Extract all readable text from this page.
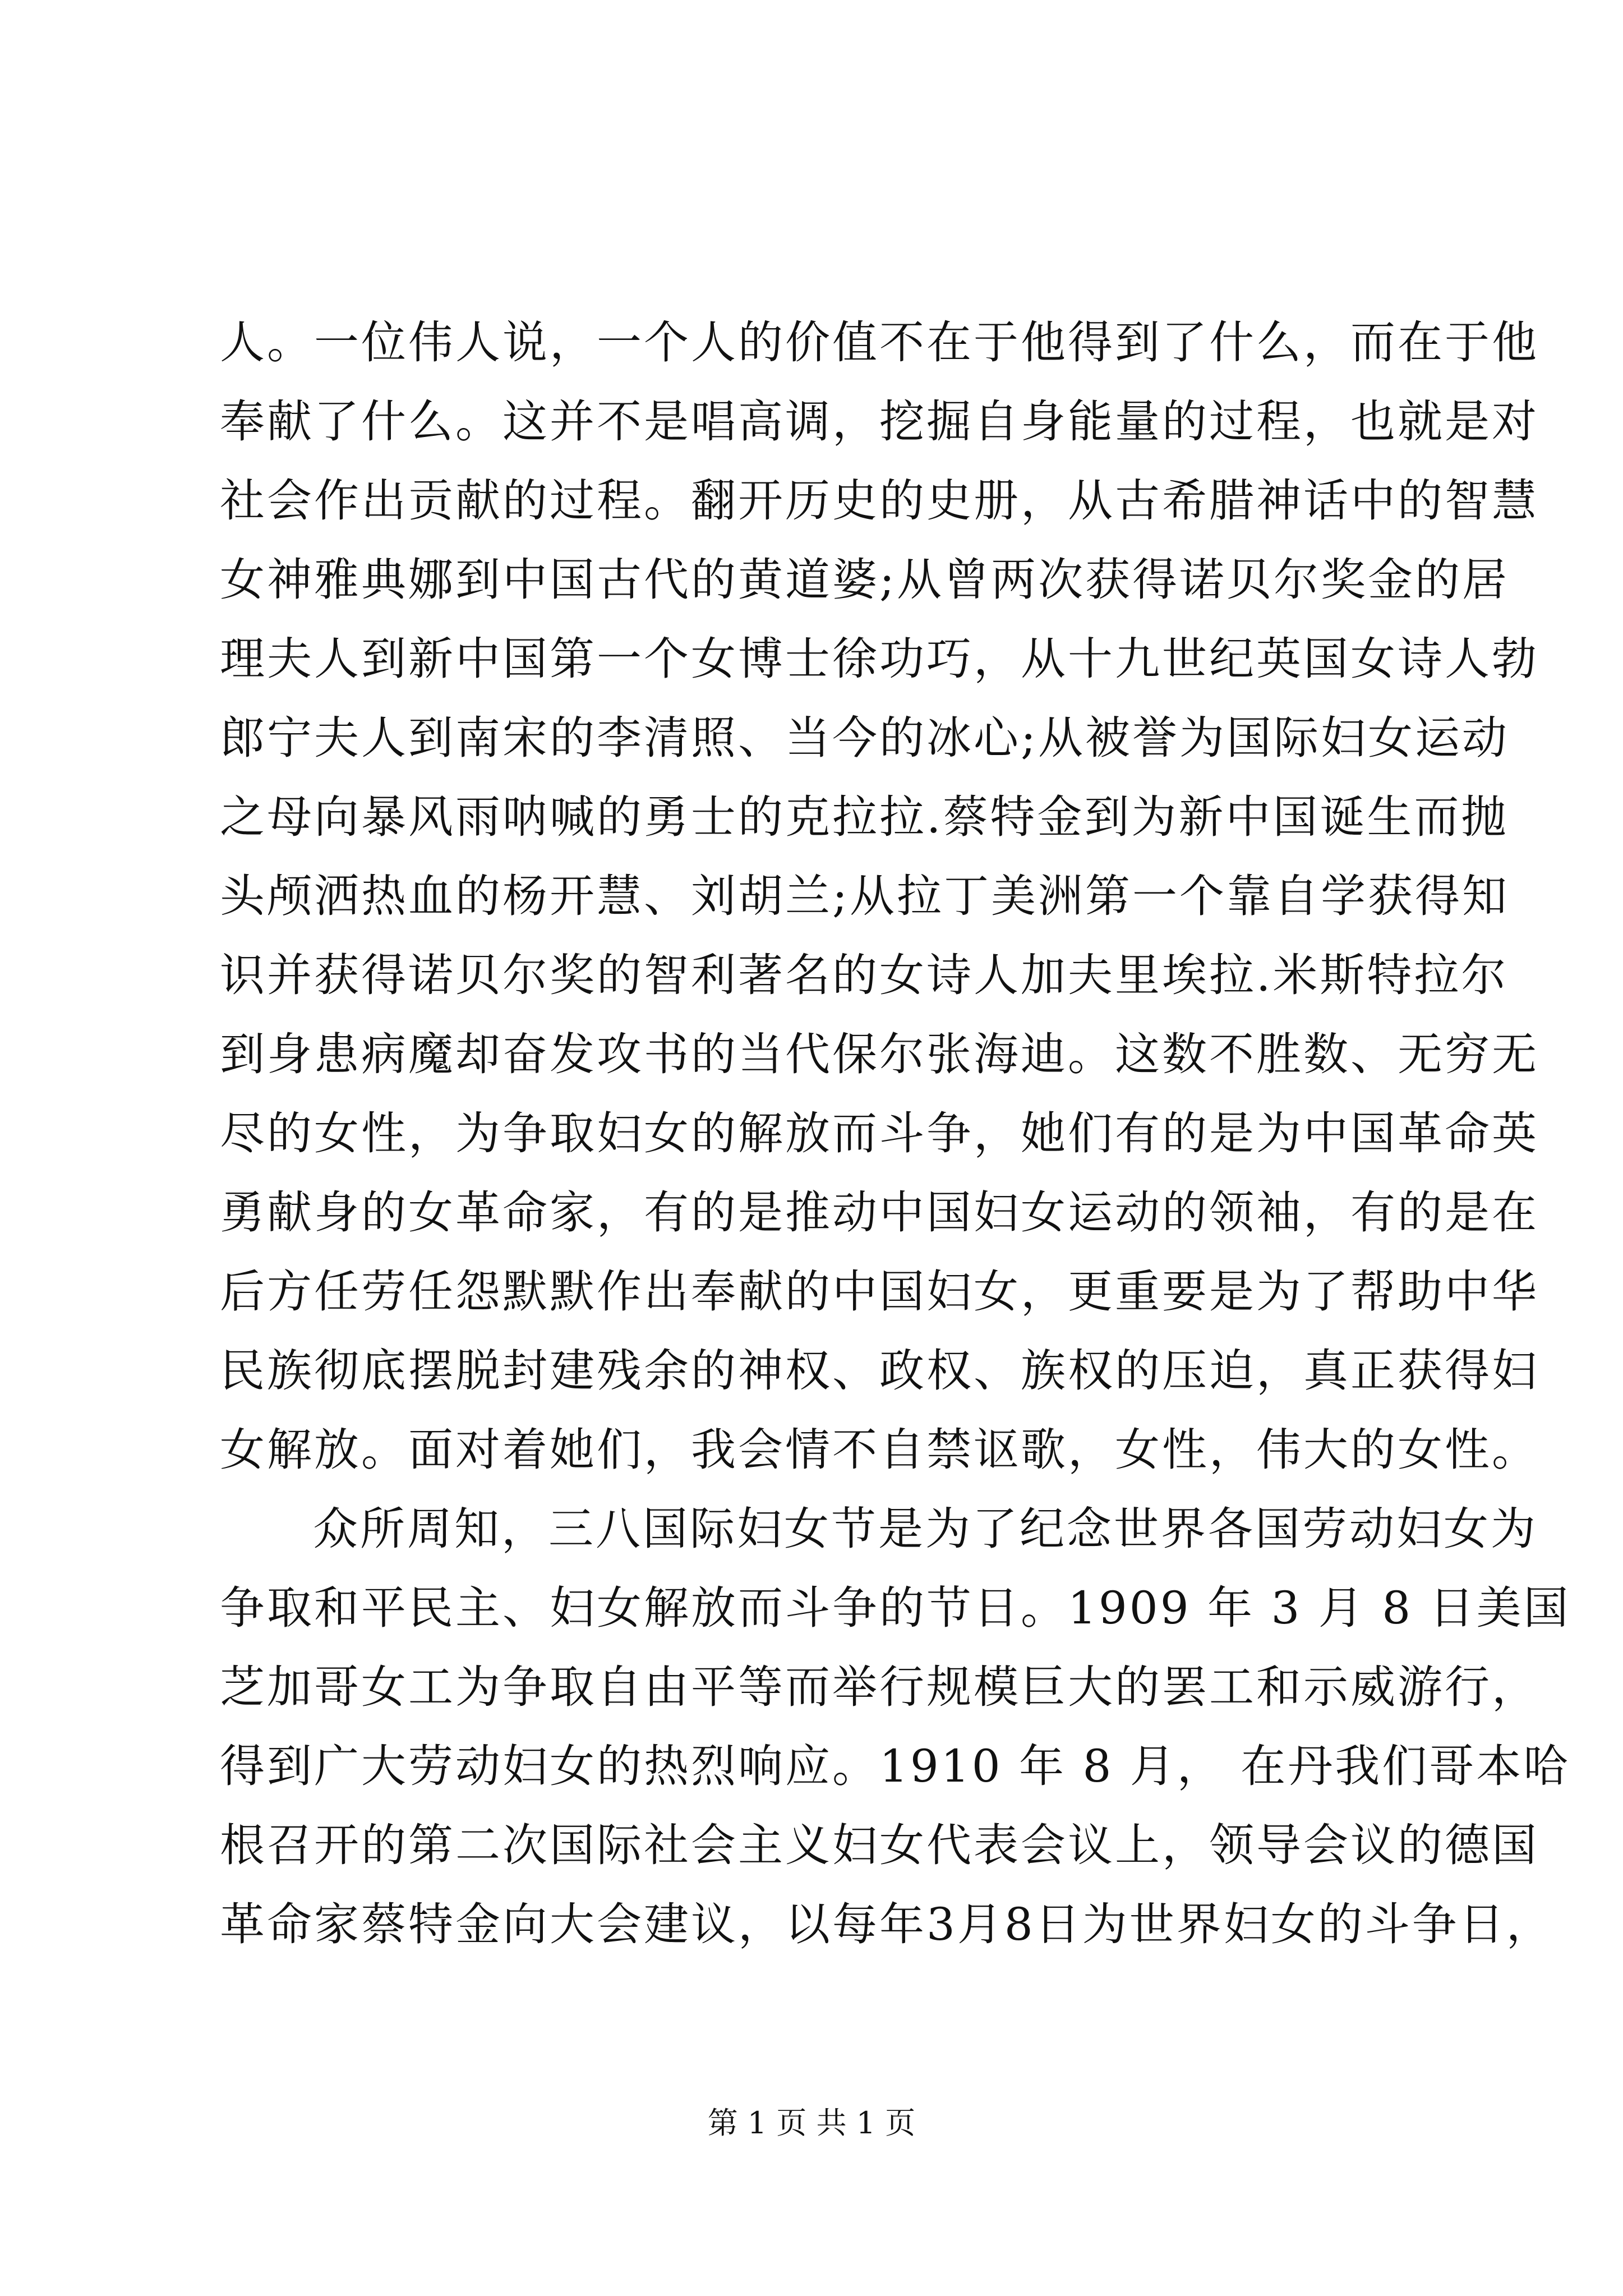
人。一位伟人说，一个人的价值不在于他得到了什么，而在于他
奉献了什么。这并不是唱高调，挖掘自身能量的过程，也就是对
社会作出贡献的过程。翻开历史的史册，从古希腊神话中的智慧
女神雅典娜到中国古代的黄道婆;从曾两次获得诺贝尔奖金的居
理夫人到新中国第一个女博士徐功巧，从十九世纪英国女诗人勃
郎宁夫人到南宋的李清照、当今的冰心;从被誉为国际妇女运动
之母向暴风雨呐喊的勇士的克拉拉.蔡特金到为新中国诞生而抛
头颅洒热血的杨开慧、刘胡兰;从拉丁美洲第一个靠自学获得知
识并获得诺贝尔奖的智利著名的女诗人加夫里埃拉.米斯特拉尔
到身患病魔却奋发攻书的当代保尔张海迪。这数不胜数、无穷无
尽的女性，为争取妇女的解放而斗争，她们有的是为中国革命英
勇献身的女革命家，有的是推动中国妇女运动的领袖，有的是在
后方任劳任怨默默作出奉献的中国妇女，更重要是为了帮助中华
民族彻底摆脱封建残余的神权、政权、族权的压迫，真正获得妇
女解放。面对着她们，我会情不自禁讴歌，女性，伟大的女性。
众所周知，三八国际妇女节是为了纪念世界各国劳动妇女为
争取和平民主、妇女解放而斗争的节日。1909 年 3 月 8 日美国
芝加哥女工为争取自由平等而举行规模巨大的罢工和示威游行，
得到广大劳动妇女的热烈响应。1910 年 8 月， 在丹我们哥本哈
根召开的第二次国际社会主义妇女代表会议上，领导会议的德国
革命家蔡特金向大会建议，以每年3月8日为世界妇女的斗争日，
第 1 页 共 1 页
